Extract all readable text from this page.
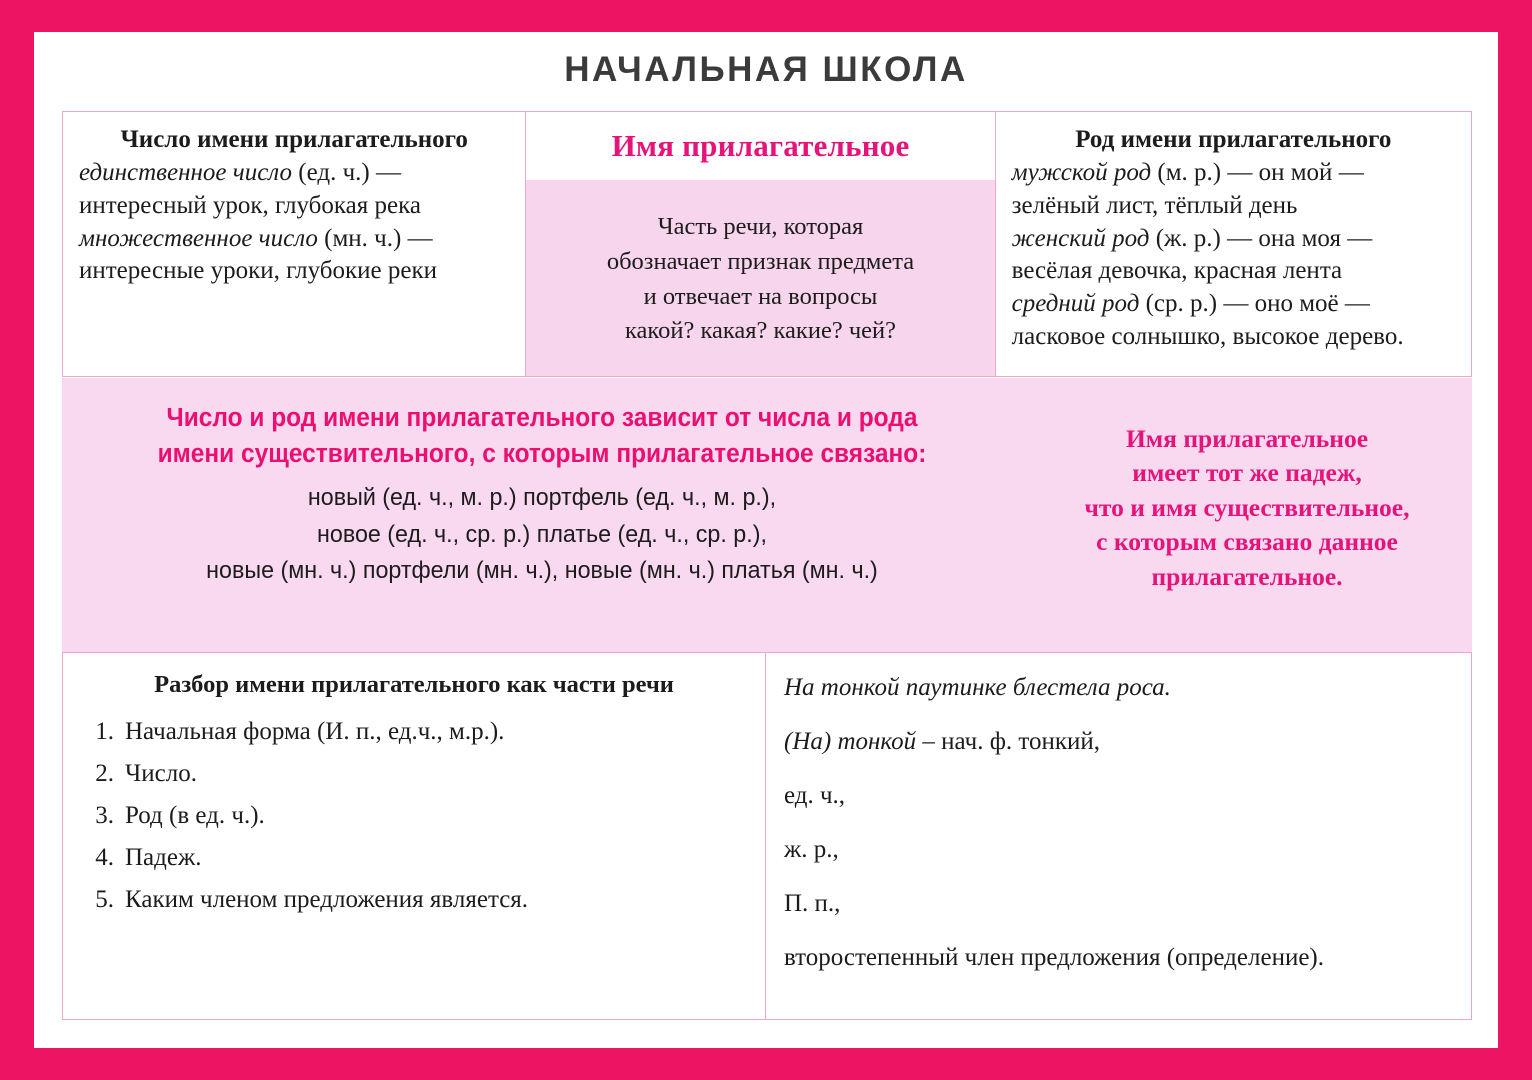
НАЧАЛЬНАЯ ШКОЛА
Число имени прилагательного
единственное число (ед. ч.) —
интересный урок, глубокая река
множественное число (мн. ч.) —
интересные уроки, глубокие реки
Имя прилагательное
Часть речи, которая
обозначает признак предмета
и отвечает на вопросы
какой? какая? какие? чей?
Род имени прилагательного
мужской род (м. р.) — он мой —
зелёный лист, тёплый день
женский род (ж. р.) — она моя —
весёлая девочка, красная лента
средний род (ср. р.) — оно моё —
ласковое солнышко, высокое дерево.
Число и род имени прилагательного зависит от числа и рода
имени существительного, с которым прилагательное связано:
новый (ед. ч., м. р.) портфель (ед. ч., м. р.),
новое (ед. ч., ср. р.) платье (ед. ч., ср. р.),
новые (мн. ч.) портфели (мн. ч.), новые (мн. ч.) платья (мн. ч.)
Имя прилагательное
имеет тот же падеж,
что и имя существительное,
с которым связано данное
прилагательное.
Разбор имени прилагательного как части речи
Начальная форма (И. п., ед.ч., м.р.).
Число.
Род (в ед. ч.).
Падеж.
Каким членом предложения является.
На тонкой паутинке блестела роса.
(На) тонкой – нач. ф. тонкий,
ед. ч.,
ж. р.,
П. п.,
второстепенный член предложения (определение).
